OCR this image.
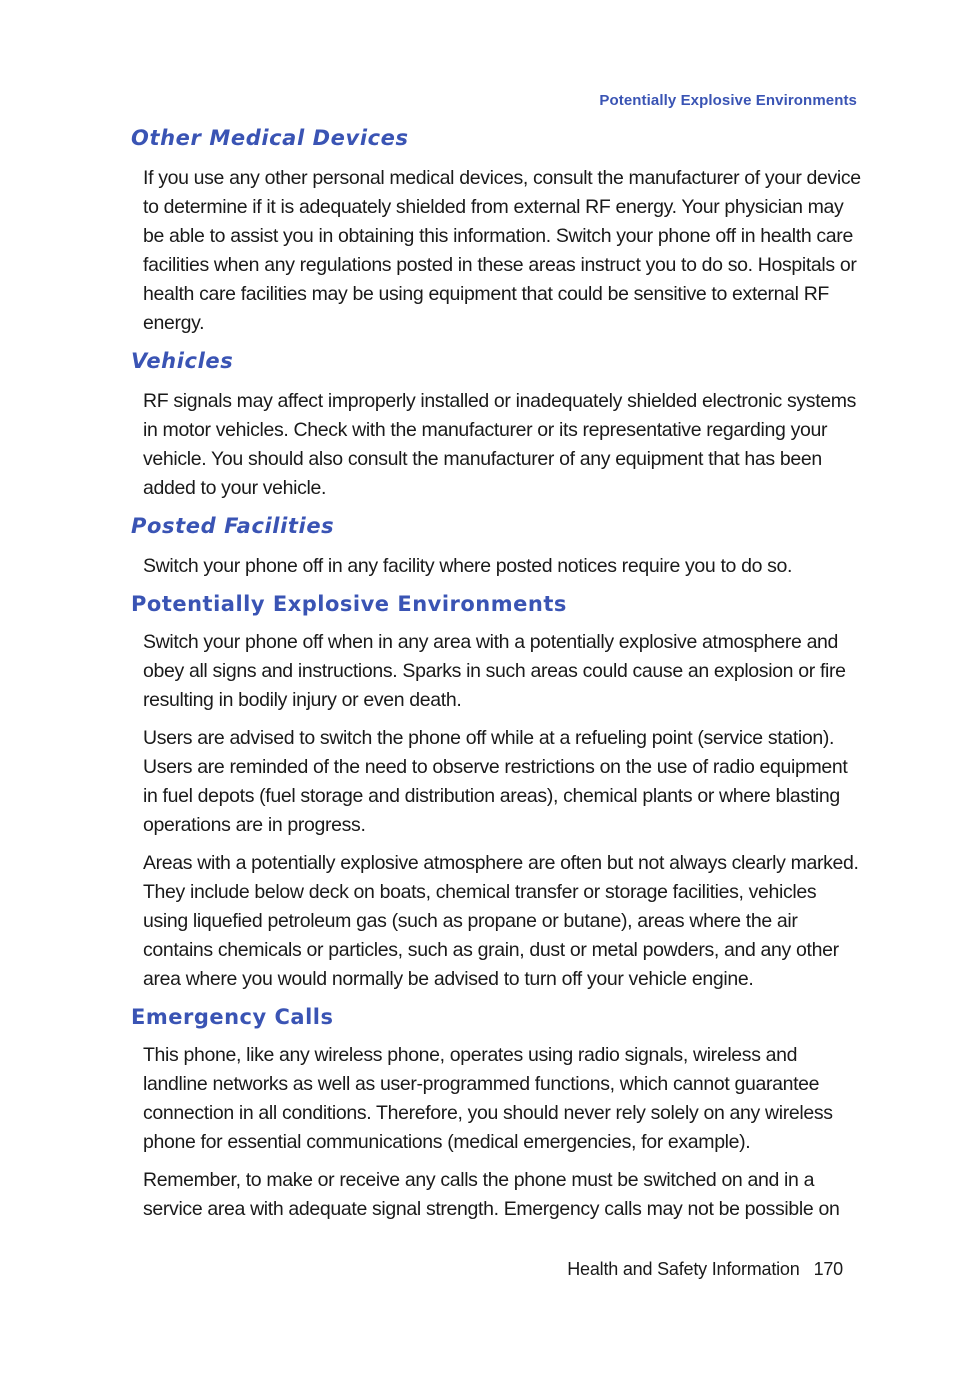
Potentially Explosive Environments
Other Medical Devices

If you use any other personal medical devices, consult the manufacturer of your device to determine if it is adequately shielded from external RF energy. Your physician may be able to assist you in obtaining this information. Switch your phone off in health care facilities when any regulations posted in these areas instruct you to do so. Hospitals or health care facilities may be using equipment that could be sensitive to external RF energy.

Vehicles

RF signals may affect improperly installed or inadequately shielded electronic systems in motor vehicles. Check with the manufacturer or its representative regarding your vehicle. You should also consult the manufacturer of any equipment that has been added to your vehicle.

Posted Facilities

Switch your phone off in any facility where posted notices require you to do so.

Potentially Explosive Environments

Switch your phone off when in any area with a potentially explosive atmosphere and obey all signs and instructions. Sparks in such areas could cause an explosion or fire resulting in bodily injury or even death.

Users are advised to switch the phone off while at a refueling point (service station). Users are reminded of the need to observe restrictions on the use of radio equipment in fuel depots (fuel storage and distribution areas), chemical plants or where blasting operations are in progress.

Areas with a potentially explosive atmosphere are often but not always clearly marked. They include below deck on boats, chemical transfer or storage facilities, vehicles using liquefied petroleum gas (such as propane or butane), areas where the air contains chemicals or particles, such as grain, dust or metal powders, and any other area where you would normally be advised to turn off your vehicle engine.

Emergency Calls

This phone, like any wireless phone, operates using radio signals, wireless and landline networks as well as user-programmed functions, which cannot guarantee connection in all conditions. Therefore, you should never rely solely on any wireless phone for essential communications (medical emergencies, for example).

Remember, to make or receive any calls the phone must be switched on and in a service area with adequate signal strength. Emergency calls may not be possible on

Health and Safety Information 170
